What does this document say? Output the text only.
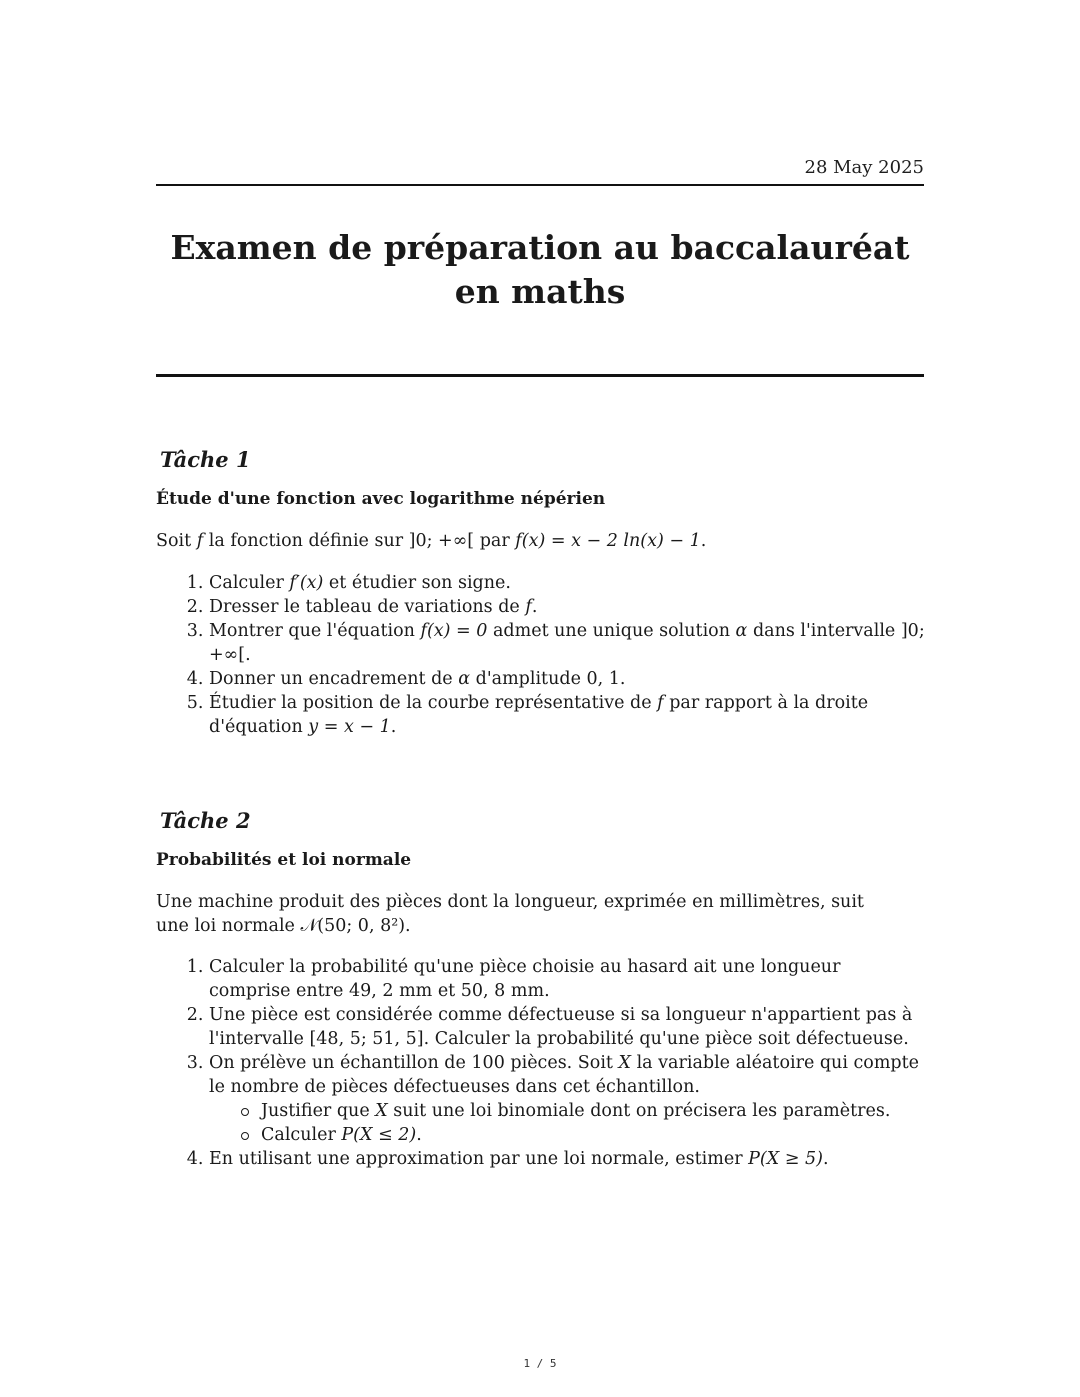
28 May 2025
Examen de préparation au baccalauréat en maths
Tâche 1
Étude d'une fonction avec logarithme népérien

Soit f la fonction définie sur ]0; +∞[ par f(x) = x − 2 ln(x) − 1.

1. Calculer f′(x) et étudier son signe.
2. Dresser le tableau de variations de f.
3. Montrer que l'équation f(x) = 0 admet une unique solution α dans l'intervalle ]0; +∞[.
4. Donner un encadrement de α d'amplitude 0, 1.
5. Étudier la position de la courbe représentative de f par rapport à la droite d'équation y = x − 1.
Tâche 2
Probabilités et loi normale

Une machine produit des pièces dont la longueur, exprimée en millimètres, suit une loi normale 𝒩(50; 0, 8²).

1. Calculer la probabilité qu'une pièce choisie au hasard ait une longueur comprise entre 49, 2 mm et 50, 8 mm.
2. Une pièce est considérée comme défectueuse si sa longueur n'appartient pas à l'intervalle [48, 5; 51, 5]. Calculer la probabilité qu'une pièce soit défectueuse.
3. On prélève un échantillon de 100 pièces. Soit X la variable aléatoire qui compte le nombre de pièces défectueuses dans cet échantillon.
Justifier que X suit une loi binomiale dont on précisera les paramètres.
Calculer P(X ≤ 2).
4. En utilisant une approximation par une loi normale, estimer P(X ≥ 5).
1 / 5
